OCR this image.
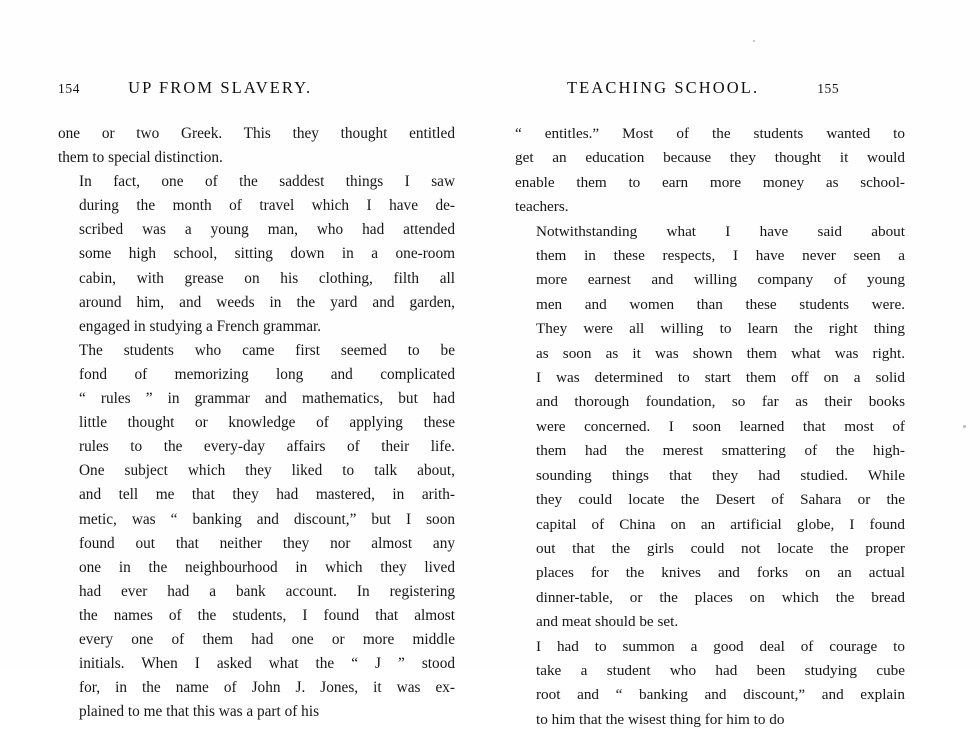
154	UP FROM SLAVERY.

one or two Greek. This they thought entitled
them to special distinction.

In fact, one of the saddest things I saw
during the month of travel which I have de-
scribed was a young man, who had attended
some high school, sitting down in a one-room
cabin, with grease on his clothing, filth all
around him, and weeds in the yard and garden,
engaged in studying a French grammar.

The students who came first seemed to be
fond of memorizing long and complicated
“ rules ” in grammar and mathematics, but had
little thought or knowledge of applying these
rules to the every-day affairs of their life.
One subject which they liked to talk about,
and tell me that they had mastered, in arith-
metic, was “ banking and discount,” but I soon
found out that neither they nor almost any
one in the neighbourhood in which they lived
had ever had a bank account. In registering
the names of the students, I found that almost
every one of them had one or more middle
initials. When I asked what the “ J ” stood
for, in the name of John J. Jones, it was ex-
plained to me that this was a part of his

TEACHING SCHOOL.	155

“ entitles.” Most of the students wanted to
get an education because they thought it would
enable them to earn more money as school-
teachers.

Notwithstanding what I have said about
them in these respects, I have never seen a
more earnest and willing company of young
men and women than these students were.
They were all willing to learn the right thing
as soon as it was shown them what was right.
I was determined to start them off on a solid
and thorough foundation, so far as their books
were concerned. I soon learned that most of
them had the merest smattering of the high-
sounding things that they had studied. While
they could locate the Desert of Sahara or the
capital of China on an artificial globe, I found
out that the girls could not locate the proper
places for the knives and forks on an actual
dinner-table, or the places on which the bread
and meat should be set.

I had to summon a good deal of courage to
take a student who had been studying cube
root and “ banking and discount,” and explain
to him that the wisest thing for him to do
